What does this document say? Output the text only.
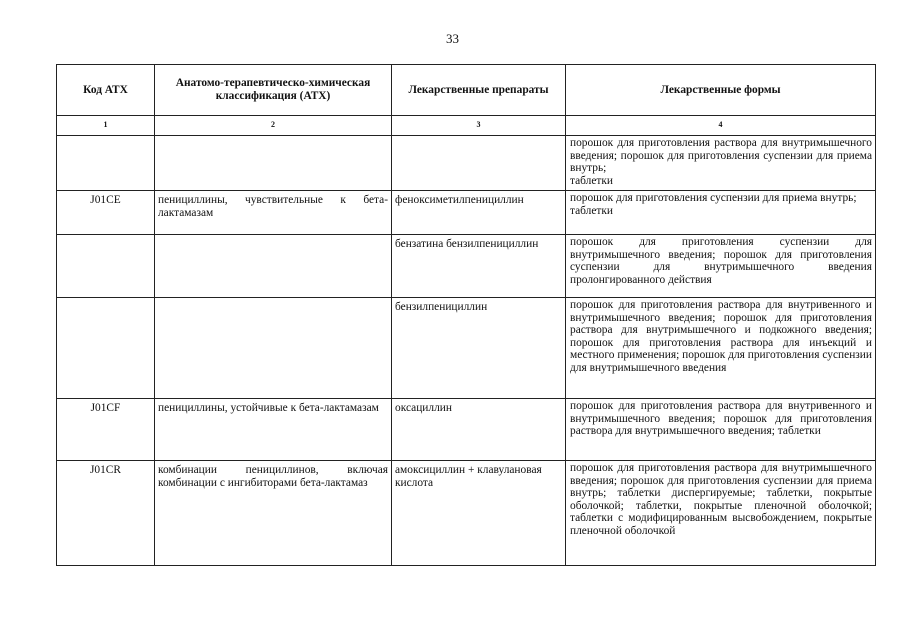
33
Код АТХ	Анатомо-терапевтическо-химическая классификация (АТХ)	Лекарственные препараты	Лекарственные формы
1	2	3	4

			порошок для приготовления раствора для внутримышечного введения; порошок для приготовления суспензии для приема внутрь;
таблетки

J01CE	пенициллины, чувствительные к бета-лактамазам	феноксиметилпенициллин	порошок для приготовления суспензии для приема внутрь;
таблетки

		бензатина бензилпенициллин	порошок для приготовления суспензии для внутримышечного введения; порошок для приготовления суспензии для внутримышечного введения пролонгированного действия

		бензилпенициллин	порошок для приготовления раствора для внутривенного и внутримышечного введения; порошок для приготовления раствора для внутримышечного и подкожного введения; порошок для приготовления раствора для инъекций и местного применения; порошок для приготовления суспензии для внутримышечного введения

J01CF	пенициллины, устойчивые к бета-лактамазам	оксациллин	порошок для приготовления раствора для внутривенного и внутримышечного введения; порошок для приготовления раствора для внутримышечного введения; таблетки

J01CR	комбинации пенициллинов, включая комбинации с ингибиторами бета-лактамаз	амоксициллин + клавулановая кислота	порошок для приготовления раствора для внутримышечного введения; порошок для приготовления суспензии для приема внутрь; таблетки диспергируемые; таблетки, покрытые оболочкой; таблетки, покрытые пленочной оболочкой; таблетки с модифицированным высвобождением, покрытые пленочной оболочкой
